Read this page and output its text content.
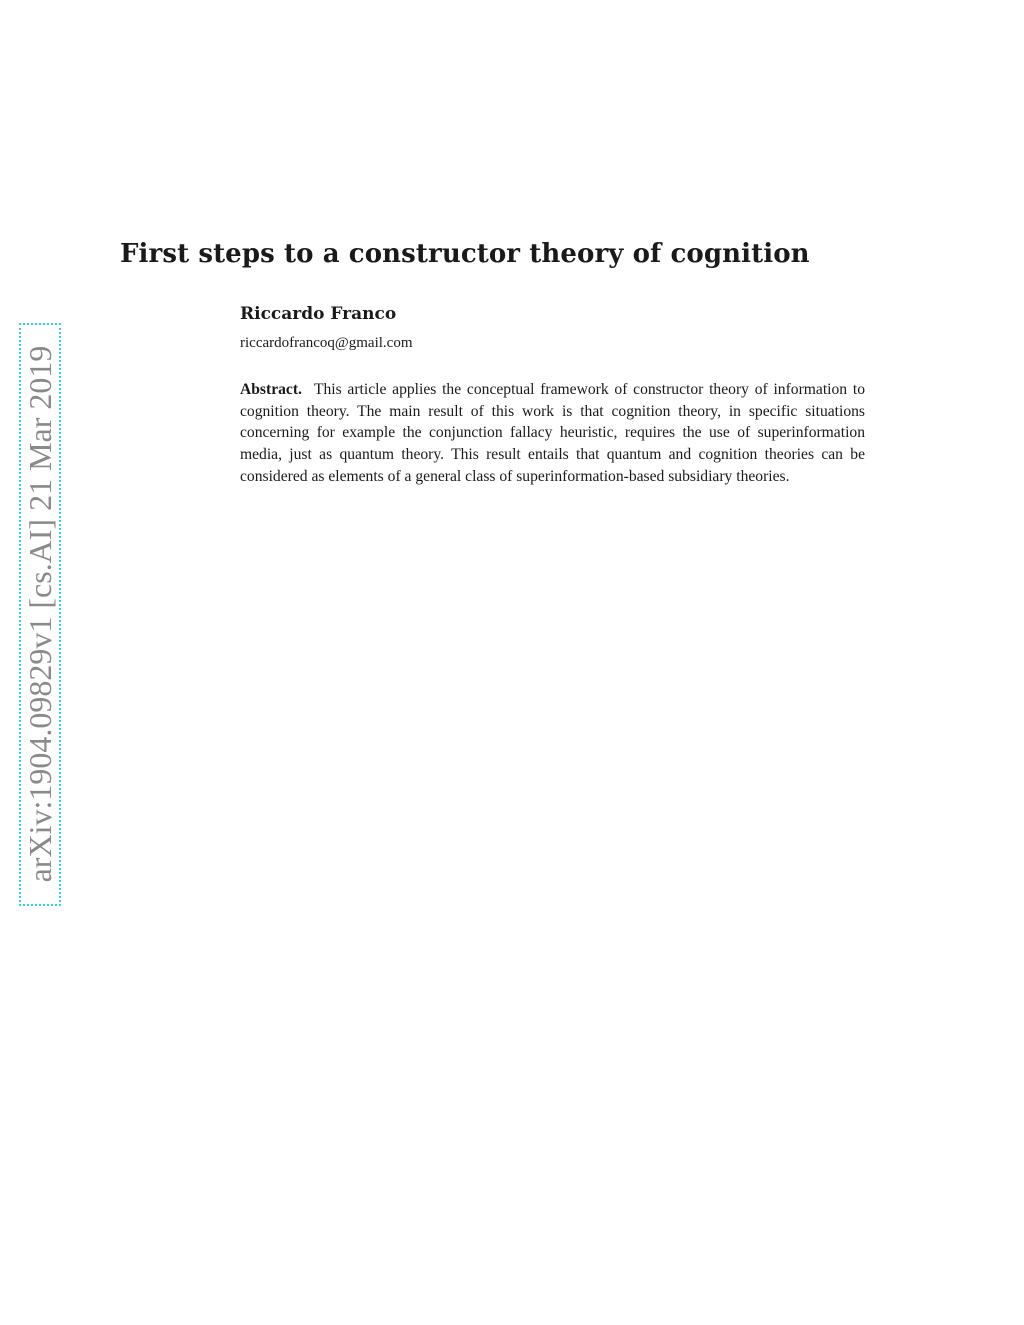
arXiv:1904.09829v1 [cs.AI] 21 Mar 2019
First steps to a constructor theory of cognition
Riccardo Franco
riccardofrancoq@gmail.com

Abstract. This article applies the conceptual framework of constructor theory of information to cognition theory. The main result of this work is that cognition theory, in specific situations concerning for example the conjunction fallacy heuristic, requires the use of superinformation media, just as quantum theory. This result entails that quantum and cognition theories can be considered as elements of a general class of superinformation-based subsidiary theories.
